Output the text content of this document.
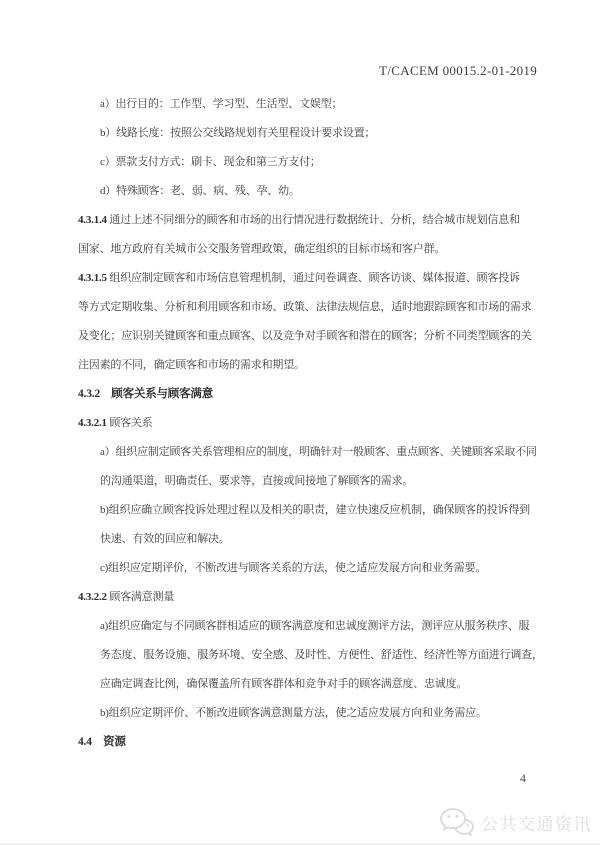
T/CACEM 00015.2-01-2019
a）出行目的：工作型、学习型、生活型、文娱型；
b）线路长度：按照公交线路规划有关里程设计要求设置；
c）票款支付方式：刷卡、现金和第三方支付；
d）特殊顾客：老、弱、病、残、孕、幼。
4.3.1.4 通过上述不同细分的顾客和市场的出行情况进行数据统计、分析，结合城市规划信息和
国家、地方政府有关城市公交服务管理政策，确定组织的目标市场和客户群。
4.3.1.5 组织应制定顾客和市场信息管理机制，通过问卷调查、顾客访谈、媒体报道、顾客投诉
等方式定期收集、分析和利用顾客和市场、政策、法律法规信息，适时地跟踪顾客和市场的需求
及变化；应识别关键顾客和重点顾客、以及竞争对手顾客和潜在的顾客；分析不同类型顾客的关
注因素的不同，确定顾客和市场的需求和期望。
4.3.2　顾客关系与顾客满意
4.3.2.1 顾客关系
a）组织应制定顾客关系管理相应的制度，明确针对一般顾客、重点顾客、关键顾客采取不同
的沟通渠道，明确责任、要求等，直接或间接地了解顾客的需求。
b)组织应确立顾客投诉处理过程以及相关的职责，建立快速反应机制，确保顾客的投诉得到
快速、有效的回应和解决。
c)组织应定期评价，不断改进与顾客关系的方法，使之适应发展方向和业务需要。
4.3.2.2 顾客满意测量
a)组织应确定与不同顾客群相适应的顾客满意度和忠诚度测评方法，测评应从服务秩序、服
务态度、服务设施、服务环境、安全感、及时性、方便性、舒适性、经济性等方面进行调查，
应确定调查比例，确保覆盖所有顾客群体和竞争对手的顾客满意度、忠诚度。
b)组织应定期评价、不断改进顾客满意测量方法，使之适应发展方向和业务需应。
4.4　资源
4
公共交通资讯
